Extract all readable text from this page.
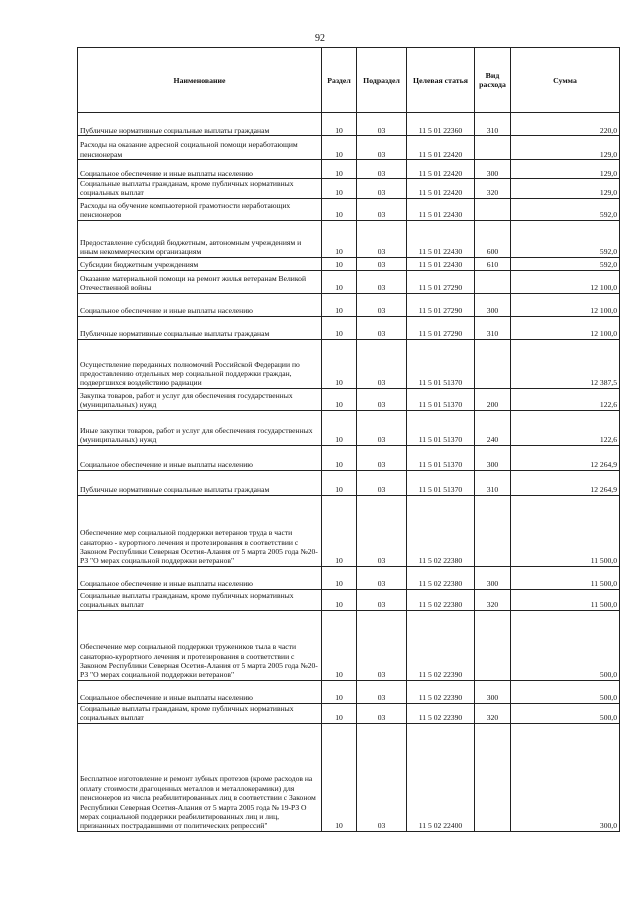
92
Наименование	Раздел	Подраздел	Целевая статья	Вид расхода	Сумма
Публичные нормативные социальные выплаты гражданам	10	03	11 5 01 22360	310	220,0
Расходы на оказание адресной социальной помощи неработающим пенсионерам	10	03	11 5 01 22420		129,0
Социальное обеспечение и иные выплаты населению	10	03	11 5 01 22420	300	129,0
Социальные выплаты гражданам, кроме публичных нормативных социальных выплат	10	03	11 5 01 22420	320	129,0
Расходы на обучение компьютерной грамотности неработающих пенсионеров	10	03	11 5 01 22430		592,0
Предоставление субсидий бюджетным, автономным учреждениям и иным некоммерческим организациям	10	03	11 5 01 22430	600	592,0
Субсидии бюджетным учреждениям	10	03	11 5 01 22430	610	592,0
Оказание материальной помощи на ремонт жилья ветеранам Великой Отечественной войны	10	03	11 5 01 27290		12 100,0
Социальное обеспечение и иные выплаты населению	10	03	11 5 01 27290	300	12 100,0
Публичные нормативные социальные выплаты гражданам	10	03	11 5 01 27290	310	12 100,0
Осуществление переданных полномочий Российской Федерации по предоставлению отдельных мер социальной поддержки граждан, подвергшихся воздействию радиации	10	03	11 5 01 51370		12 387,5
Закупка товаров, работ и услуг для обеспечения государственных (муниципальных) нужд	10	03	11 5 01 51370	200	122,6
Иные закупки товаров, работ и услуг для обеспечения государственных (муниципальных) нужд	10	03	11 5 01 51370	240	122,6
Социальное обеспечение и иные выплаты населению	10	03	11 5 01 51370	300	12 264,9
Публичные нормативные социальные выплаты гражданам	10	03	11 5 01 51370	310	12 264,9
Обеспечение мер социальной поддержки ветеранов труда в части санаторно - курортного лечения и протезирования в соответствии с Законом Республики Северная Осетия-Алания от 5 марта 2005 года №20-РЗ "О мерах социальной поддержки ветеранов"	10	03	11 5 02 22380		11 500,0
Социальное обеспечение и иные выплаты населению	10	03	11 5 02 22380	300	11 500,0
Социальные выплаты гражданам, кроме публичных нормативных социальных выплат	10	03	11 5 02 22380	320	11 500,0
Обеспечение мер социальной поддержки тружеников тыла в части санаторно-курортного лечения и протезирования в соответствии с Законом Республики Северная Осетия-Алания от 5 марта 2005 года №20-РЗ "О мерах социальной поддержки ветеранов"	10	03	11 5 02 22390		500,0
Социальное обеспечение и иные выплаты населению	10	03	11 5 02 22390	300	500,0
Социальные выплаты гражданам, кроме публичных нормативных социальных выплат	10	03	11 5 02 22390	320	500,0
Бесплатное изготовление и ремонт зубных протезов (кроме расходов на оплату стоимости драгоценных металлов и металлокерамики) для пенсионеров из числа реабилитированных лиц в соответствии с Законом Республики Северная Осетия-Алания от 5 марта 2005 года № 19-РЗ О мерах социальной поддержки реабилитированных лиц и лиц, признанных пострадавшими от политических репрессий"	10	03	11 5 02 22400		300,0
